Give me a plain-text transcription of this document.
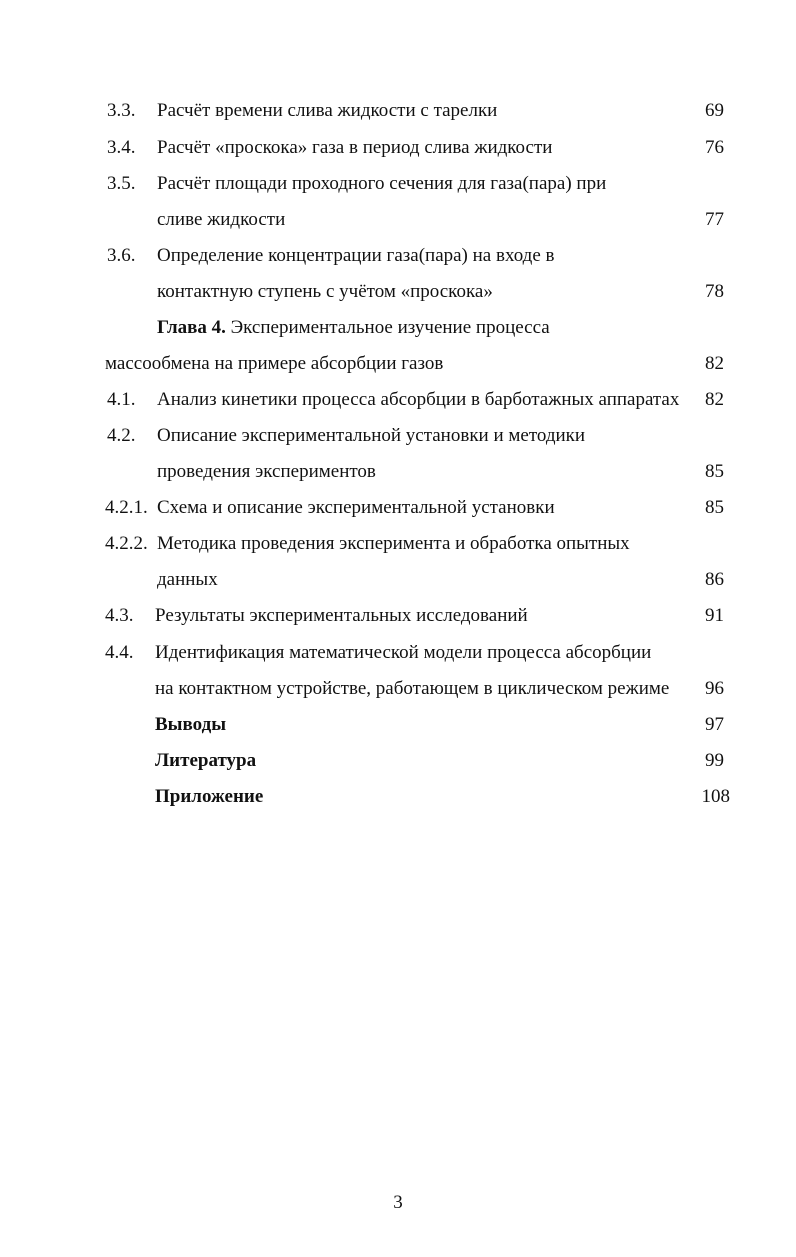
3.3. Расчёт времени слива жидкости с тарелки	69
3.4. Расчёт «проскока» газа в период слива жидкости	76
3.5. Расчёт площади проходного сечения для газа(пара) при
сливе жидкости	77
3.6. Определение концентрации газа(пара) на входе в
контактную ступень с учётом «проскока»	78
Глава 4. Экспериментальное изучение процесса
массообмена на примере абсорбции газов	82
4.1. Анализ кинетики процесса абсорбции в барботажных аппаратах 82
4.2. Описание экспериментальной установки и методики
проведения экспериментов	85
4.2.1. Схема и описание экспериментальной установки	85
4.2.2. Методика проведения эксперимента и обработка опытных
данных	86
4.3. Результаты экспериментальных исследований	91
4.4. Идентификация математической модели процесса абсорбции
на контактном устройстве, работающем в циклическом режиме 96
Выводы	97
Литература	99
Приложение	108
3
